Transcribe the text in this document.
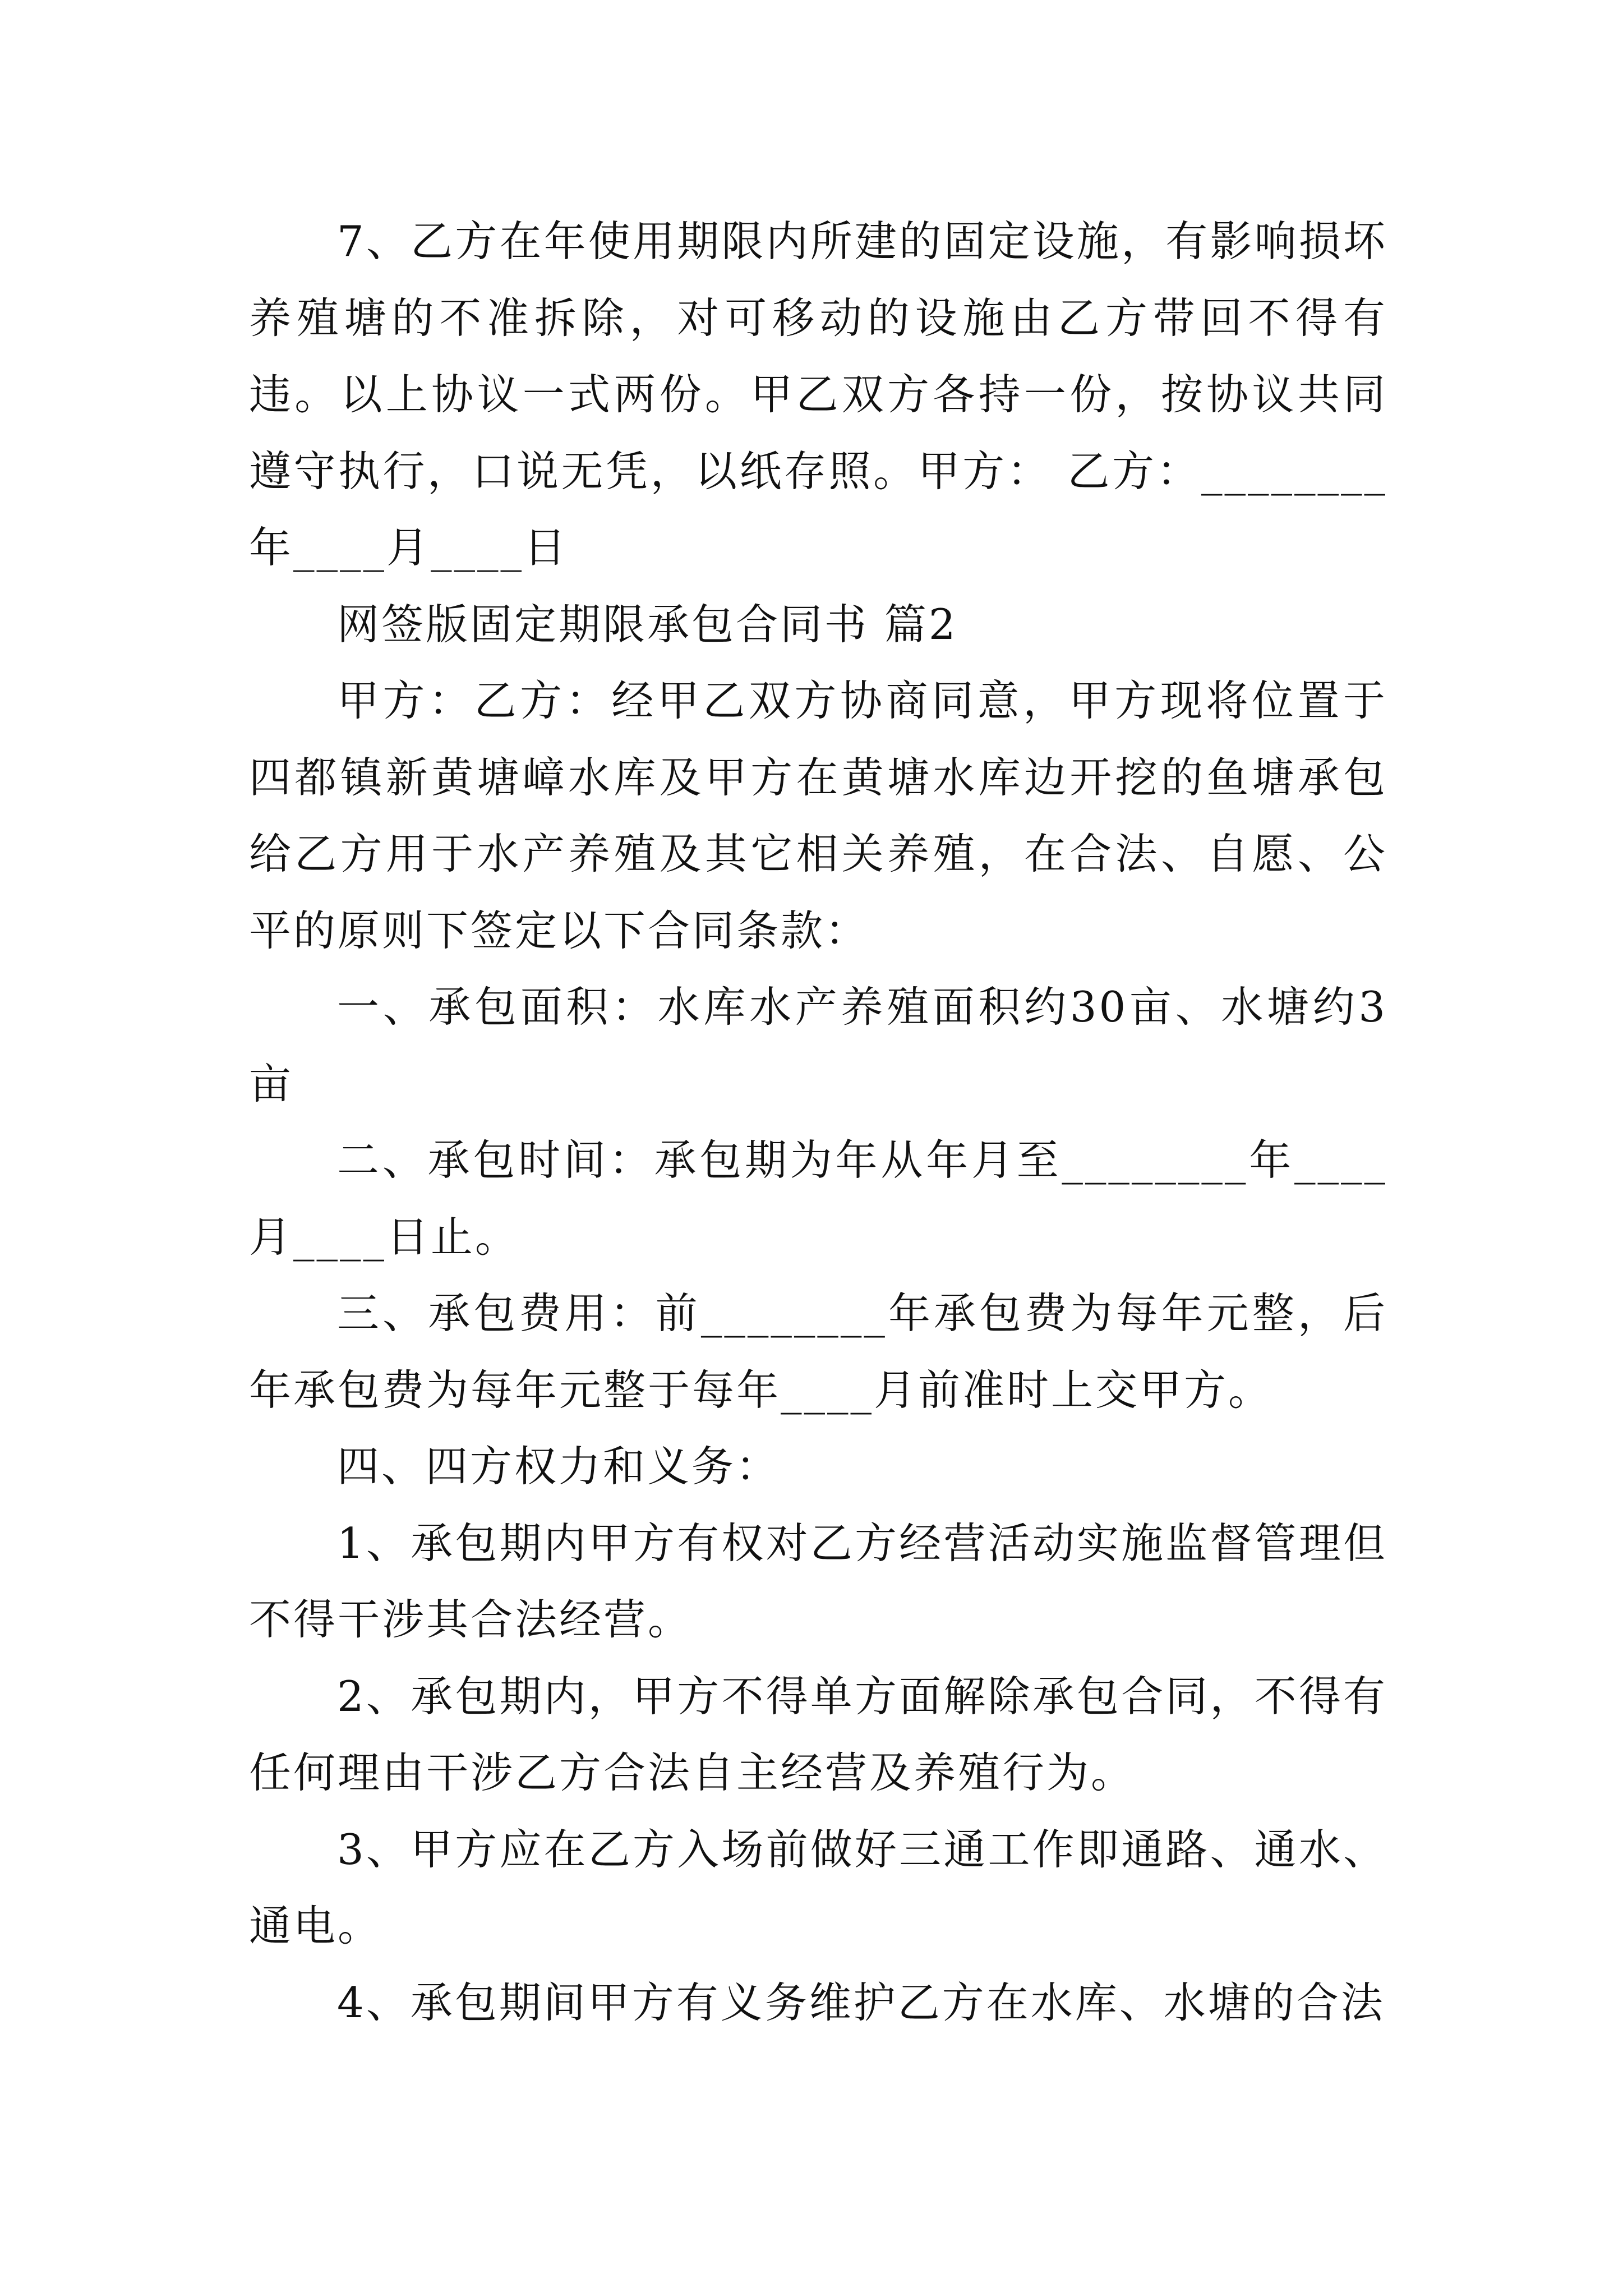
7、乙方在年使用期限内所建的固定设施，有影响损坏养殖塘的不准拆除，对可移动的设施由乙方带回不得有违。以上协议一式两份。甲乙双方各持一份，按协议共同遵守执行，口说无凭，以纸存照。甲方： 乙方：________年____月____日

网签版固定期限承包合同书 篇2

甲方：乙方：经甲乙双方协商同意，甲方现将位置于四都镇新黄塘嶂水库及甲方在黄塘水库边开挖的鱼塘承包给乙方用于水产养殖及其它相关养殖，在合法、自愿、公平的原则下签定以下合同条款：

一、承包面积：水库水产养殖面积约30亩、水塘约3亩

二、承包时间：承包期为年从年月至________年____月____日止。

三、承包费用：前________年承包费为每年元整，后年承包费为每年元整于每年____月前准时上交甲方。

四、四方权力和义务：

1、承包期内甲方有权对乙方经营活动实施监督管理但不得干涉其合法经营。

2、承包期内，甲方不得单方面解除承包合同，不得有任何理由干涉乙方合法自主经营及养殖行为。

3、甲方应在乙方入场前做好三通工作即通路、通水、通电。

4、承包期间甲方有义务维护乙方在水库、水塘的合法
